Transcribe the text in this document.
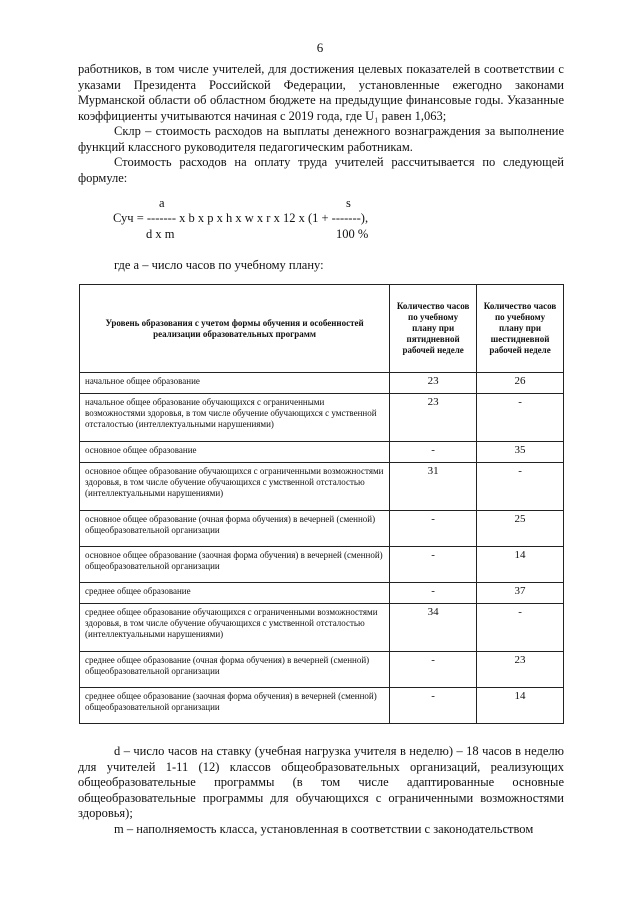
6

работников, в том числе учителей, для достижения целевых показателей в соответствии с указами Президента Российской Федерации, установленные ежегодно законами Мурманской области об областном бюджете на предыдущие финансовые годы. Указанные коэффициенты учитываются начиная с 2019 года, где U₁ равен 1,063;

Склр – стоимость расходов на выплаты денежного вознаграждения за выполнение функций классного руководителя педагогическим работникам.

Стоимость расходов на оплату труда учителей рассчитывается по следующей формуле:

a	s
Суч = ------- x b x p x h x w x r x 12 x (1 + -------),
d x m	100 %

где a – число часов по учебному плану:

Уровень образования с учетом формы обучения и особенностей реализации образовательных программ	Количество часов по учебному плану при пятидневной рабочей неделе	Количество часов по учебному плану при шестидневной рабочей неделе
начальное общее образование	23	26
начальное общее образование обучающихся с ограниченными возможностями здоровья, в том числе обучение обучающихся с умственной отсталостью (интеллектуальными нарушениями)	23	-
основное общее образование	-	35
основное общее образование обучающихся с ограниченными возможностями здоровья, в том числе обучение обучающихся с умственной отсталостью (интеллектуальными нарушениями)	31	-
основное общее образование (очная форма обучения) в вечерней (сменной) общеобразовательной организации	-	25
основное общее образование (заочная форма обучения) в вечерней (сменной) общеобразовательной организации	-	14
среднее общее образование	-	37
среднее общее образование обучающихся с ограниченными возможностями здоровья, в том числе обучение обучающихся с умственной отсталостью (интеллектуальными нарушениями)	34	-
среднее общее образование (очная форма обучения) в вечерней (сменной) общеобразовательной организации	-	23
среднее общее образование (заочная форма обучения) в вечерней (сменной) общеобразовательной организации	-	14

d – число часов на ставку (учебная нагрузка учителя в неделю) – 18 часов в неделю для учителей 1-11 (12) классов общеобразовательных организаций, реализующих общеобразовательные программы (в том числе адаптированные основные общеобразовательные программы для обучающихся с ограниченными возможностями здоровья);

m – наполняемость класса, установленная в соответствии с законодательством
